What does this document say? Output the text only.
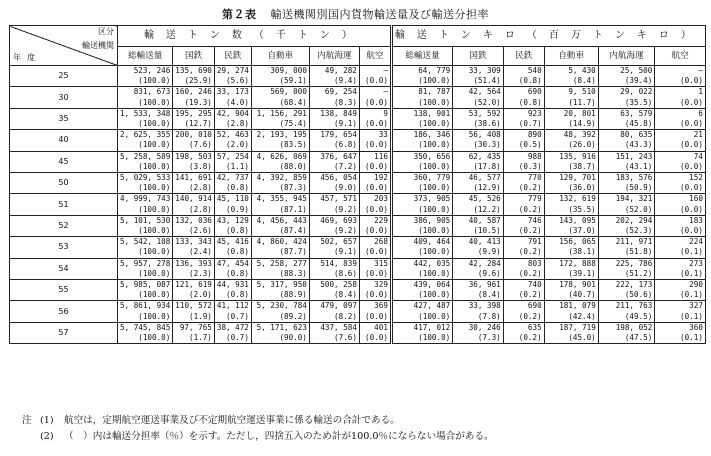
第２表 輸送機関別国内貨物輸送量及び輸送分担率
区分
輸送機関
年度	輸送トン数（千トン）						輸送トンキロ（百万トンキロ）					
	総輸送量	国鉄	民鉄	自動車	内航海運	航空	総輸送量	国鉄	民鉄	自動車	内航海運	航空
25	523, 246	135, 690	29, 274	309, 000	49, 282	—	64, 779	33, 309	540	5, 430	25, 500	—
	(100.0)	(25.9)	(5.6)	(59.1)	(9.4)	(0.0)	(100.0)	(51.4)	(0.8)	(8.4)	(39.4)	(0.0)
30	831, 673	160, 246	33, 173	569, 000	69, 254	—	81, 787	42, 564	690	9, 510	29, 022	1
	(100.0)	(19.3)	(4.0)	(68.4)	(8.3)	(0.0)	(100.0)	(52.0)	(0.8)	(11.7)	(35.5)	(0.0)
35	1, 533, 348	195, 295	42, 904	1, 156, 291	138, 849	9	138, 901	53, 592	923	20, 801	63, 579	6
	(100.0)	(12.7)	(2.8)	(75.4)	(9.1)	(0.0)	(100.0)	(38.6)	(0.7)	(14.9)	(45.8)	(0.0)
40	2, 625, 355	200, 010	52, 463	2, 193, 195	179, 654	33	186, 346	56, 408	890	48, 392	80, 635	21
	(100.0)	(7.6)	(2.0)	(83.5)	(6.8)	(0.0)	(100.0)	(30.3)	(0.5)	(26.0)	(43.3)	(0.0)
45	5, 258, 589	198, 503	57, 254	4, 626, 069	376, 647	116	350, 656	62, 435	988	135, 916	151, 243	74
	(100.0)	(3.8)	(1.1)	(88.0)	(7.2)	(0.0)	(100.0)	(17.8)	(0.3)	(38.7)	(43.1)	(0.0)
50	5, 029, 533	141, 691	42, 737	4, 392, 859	456, 054	192	360, 779	46, 577	770	129, 701	183, 576	152
	(100.0)	(2.8)	(0.8)	(87.3)	(9.0)	(0.0)	(100.0)	(12.9)	(0.2)	(36.0)	(50.9)	(0.0)
51	4, 999, 743	140, 914	45, 110	4, 355, 945	457, 571	203	373, 905	45, 526	779	132, 619	194, 321	160
	(100.0)	(2.8)	(0.9)	(87.1)	(9.2)	(0.0)	(100.0)	(12.2)	(0.2)	(35.5)	(52.0)	(0.0)
52	5, 101, 530	132, 036	43, 129	4, 456, 443	469, 693	229	386, 905	40, 587	746	143, 095	202, 294	183
	(100.0)	(2.6)	(0.8)	(87.4)	(9.2)	(0.0)	(100.0)	(10.5)	(0.2)	(37.0)	(52.3)	(0.0)
53	5, 542, 108	133, 343	45, 416	4, 860, 424	502, 657	268	409, 464	40, 413	791	156, 065	211, 971	224
	(100.0)	(2.4)	(0.8)	(87.7)	(9.1)	(0.0)	(100.0)	(9.9)	(0.2)	(38.1)	(51.8)	(0.1)
54	5, 957, 278	136, 393	47, 454	5, 258, 277	514, 839	315	442, 035	42, 284	803	172, 888	225, 786	273
	(100.0)	(2.3)	(0.8)	(88.3)	(8.6)	(0.0)	(100.0)	(9.6)	(0.2)	(39.1)	(51.2)	(0.1)
55	5, 985, 087	121, 619	44, 931	5, 317, 950	500, 258	329	439, 064	36, 961	740	178, 901	222, 173	290
	(100.0)	(2.0)	(0.8)	(88.9)	(8.4)	(0.0)	(100.0)	(8.4)	(0.2)	(40.7)	(50.6)	(0.1)
56	5, 861, 934	110, 572	41, 112	5, 230, 784	479, 097	369	427, 487	33, 398	690	181, 079	211, 763	327
	(100.0)	(1.9)	(0.7)	(89.2)	(8.2)	(0.0)	(100.0)	(7.8)	(0.2)	(42.4)	(49.5)	(0.1)
57	5, 745, 845	97, 765	38, 472	5, 171, 623	437, 584	401	417, 012	30, 246	635	187, 719	198, 052	360
	(100.0)	(1.7)	(0.7)	(90.0)	(7.6)	(0.0)	(100.0)	(7.3)	(0.2)	(45.0)	(47.5)	(0.1)
注 (1) 航空は，定期航空運送事業及び不定期航空運送事業に係る輸送の合計である。
(2) （　）内は輸送分担率（％）を示す。ただし，四捨五入のため計が100.0％にならない場合がある。
